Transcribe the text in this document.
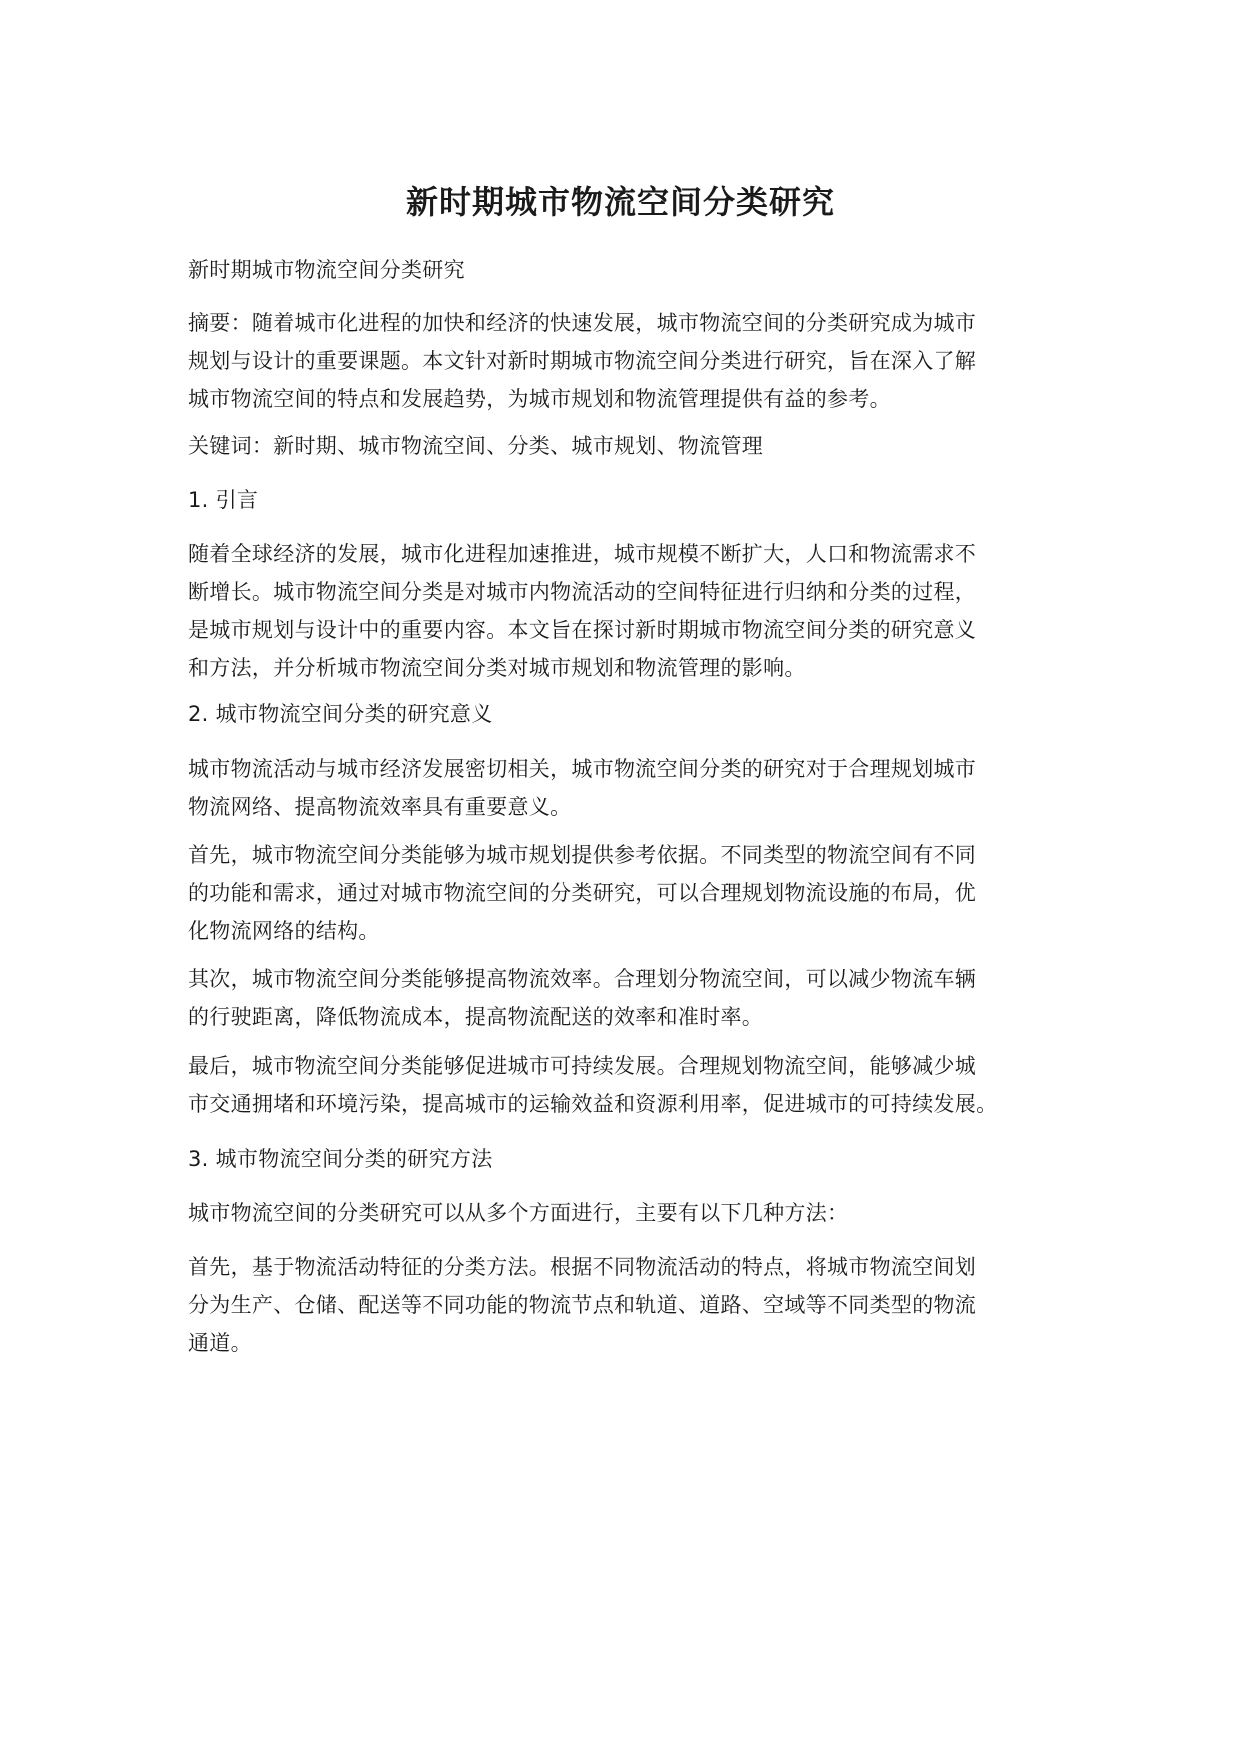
新时期城市物流空间分类研究

新时期城市物流空间分类研究

摘要：随着城市化进程的加快和经济的快速发展，城市物流空间的分类研究成为城市
规划与设计的重要课题。本文针对新时期城市物流空间分类进行研究，旨在深入了解
城市物流空间的特点和发展趋势，为城市规划和物流管理提供有益的参考。

关键词：新时期、城市物流空间、分类、城市规划、物流管理

1. 引言

随着全球经济的发展，城市化进程加速推进，城市规模不断扩大，人口和物流需求不
断增长。城市物流空间分类是对城市内物流活动的空间特征进行归纳和分类的过程，
是城市规划与设计中的重要内容。本文旨在探讨新时期城市物流空间分类的研究意义
和方法，并分析城市物流空间分类对城市规划和物流管理的影响。

2. 城市物流空间分类的研究意义

城市物流活动与城市经济发展密切相关，城市物流空间分类的研究对于合理规划城市
物流网络、提高物流效率具有重要意义。

首先，城市物流空间分类能够为城市规划提供参考依据。不同类型的物流空间有不同
的功能和需求，通过对城市物流空间的分类研究，可以合理规划物流设施的布局，优
化物流网络的结构。

其次，城市物流空间分类能够提高物流效率。合理划分物流空间，可以减少物流车辆
的行驶距离，降低物流成本，提高物流配送的效率和准时率。

最后，城市物流空间分类能够促进城市可持续发展。合理规划物流空间，能够减少城
市交通拥堵和环境污染，提高城市的运输效益和资源利用率，促进城市的可持续发展。

3. 城市物流空间分类的研究方法

城市物流空间的分类研究可以从多个方面进行，主要有以下几种方法：

首先，基于物流活动特征的分类方法。根据不同物流活动的特点，将城市物流空间划
分为生产、仓储、配送等不同功能的物流节点和轨道、道路、空域等不同类型的物流
通道。
